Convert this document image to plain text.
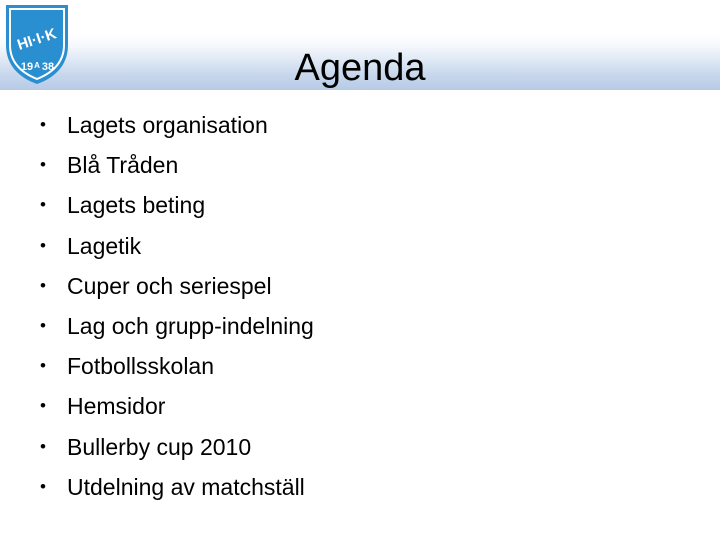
HI·I·K
19 A 38	Agenda
• Lagets organisation
• Blå Tråden
• Lagets beting
• Lagetik
• Cuper och seriespel
• Lag och grupp-indelning
• Fotbollsskolan
• Hemsidor
• Bullerby cup 2010
• Utdelning av matchställ
